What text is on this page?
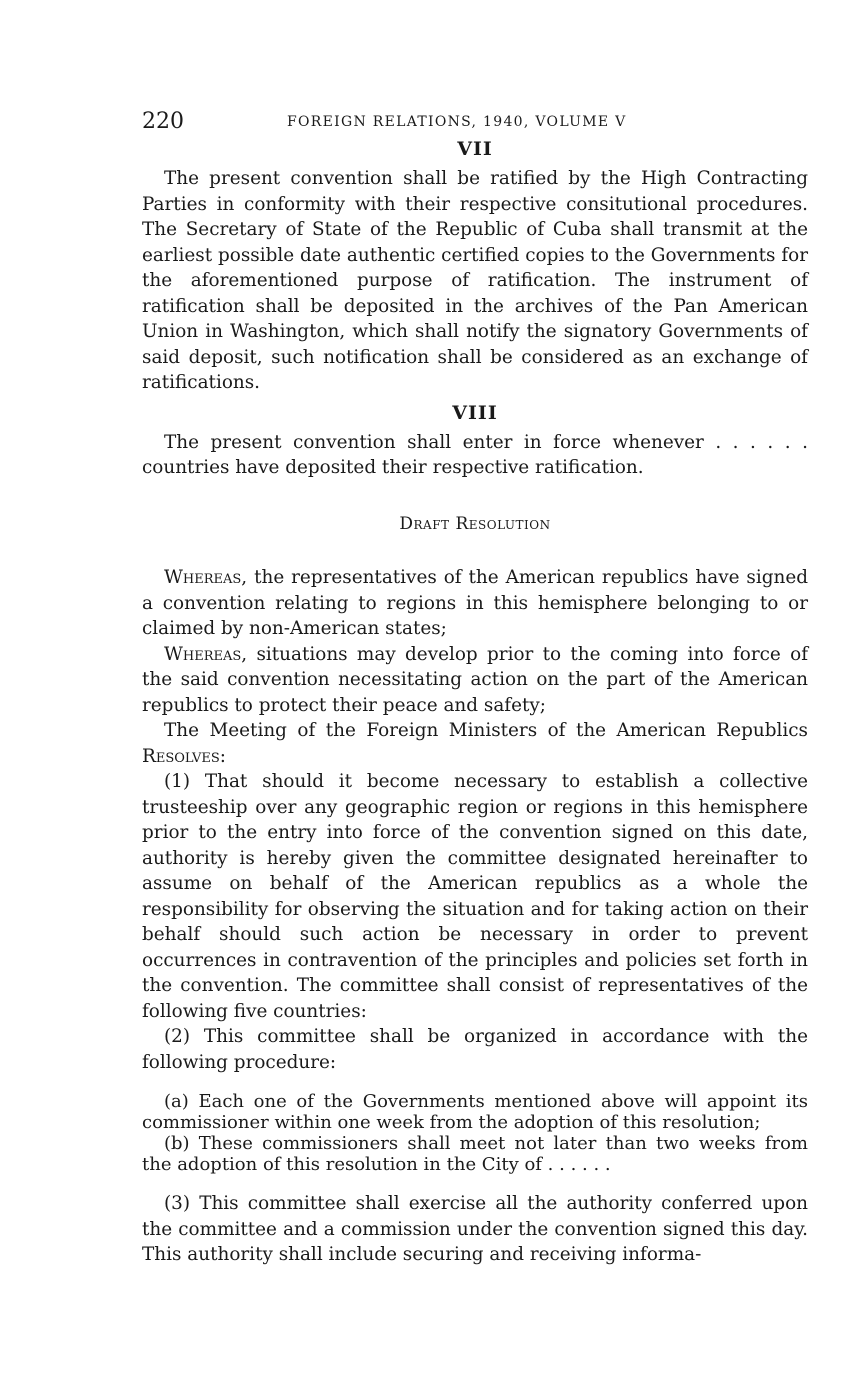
220	FOREIGN RELATIONS, 1940, VOLUME V
VII

The present convention shall be ratified by the High Contracting Parties in conformity with their respective consitutional procedures. The Secretary of State of the Republic of Cuba shall transmit at the earliest possible date authentic certified copies to the Governments for the aforementioned purpose of ratification. The instrument of ratification shall be deposited in the archives of the Pan American Union in Washington, which shall notify the signatory Governments of said deposit, such notification shall be considered as an exchange of ratifications.

VIII

The present convention shall enter in force whenever . . . . . . countries have deposited their respective ratification.

Draft Resolution

Whereas, the representatives of the American republics have signed a convention relating to regions in this hemisphere belonging to or claimed by non-American states;

Whereas, situations may develop prior to the coming into force of the said convention necessitating action on the part of the American republics to protect their peace and safety;

The Meeting of the Foreign Ministers of the American Republics

Resolves:

(1) That should it become necessary to establish a collective trusteeship over any geographic region or regions in this hemisphere prior to the entry into force of the convention signed on this date, authority is hereby given the committee designated hereinafter to assume on behalf of the American republics as a whole the responsibility for observing the situation and for taking action on their behalf should such action be necessary in order to prevent occurrences in contravention of the principles and policies set forth in the convention. The committee shall consist of representatives of the following five countries:

(2) This committee shall be organized in accordance with the following procedure:

(a) Each one of the Governments mentioned above will appoint its commissioner within one week from the adoption of this resolution;

(b) These commissioners shall meet not later than two weeks from the adoption of this resolution in the City of . . . . . .

(3) This committee shall exercise all the authority conferred upon the committee and a commission under the convention signed this day. This authority shall include securing and receiving informa-
